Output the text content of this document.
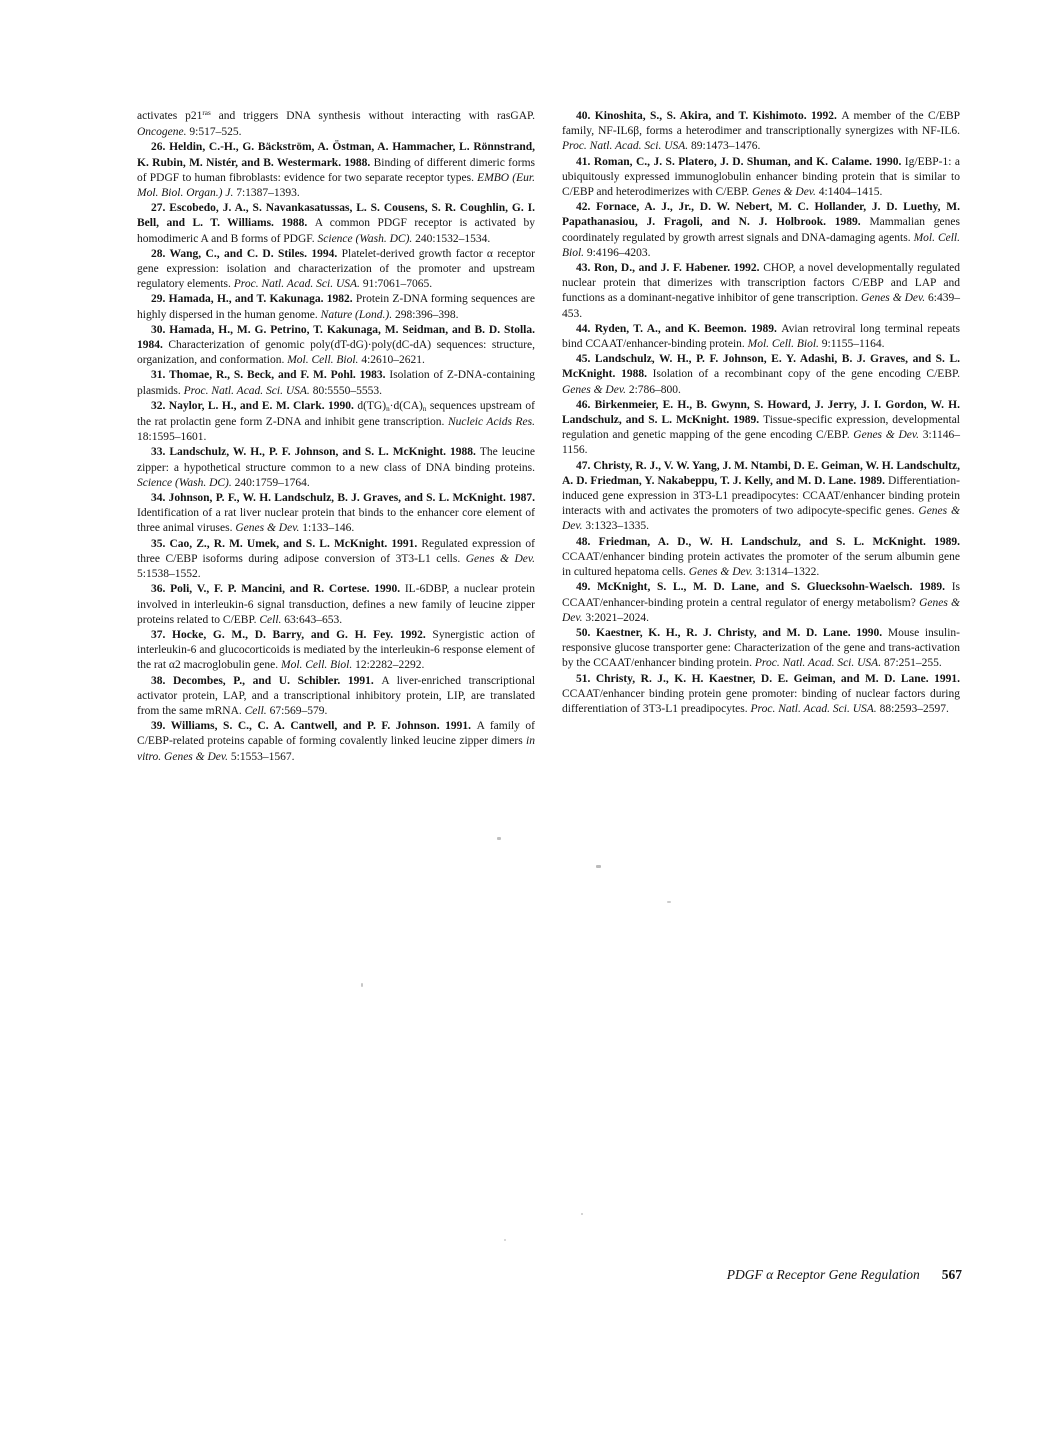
activates $p21^{ras}$ and triggers DNA synthesis without interacting with rasGAP. Oncogene. 9:517–525.

26. Heldin, C.-H., G. Bäckström, A. Östman, A. Hammacher, L. Rönnstrand, K. Rubin, M. Nistér, and B. Westermark. 1988. Binding of different dimeric forms of PDGF to human fibroblasts: evidence for two separate receptor types. EMBO (Eur. Mol. Biol. Organ.) J. 7:1387–1393.

27. Escobedo, J. A., S. Navankasatussas, L. S. Cousens, S. R. Coughlin, G. I. Bell, and L. T. Williams. 1988. A common PDGF receptor is activated by homodimeric A and B forms of PDGF. Science (Wash. DC). 240:1532–1534.

28. Wang, C., and C. D. Stiles. 1994. Platelet-derived growth factor α receptor gene expression: isolation and characterization of the promoter and upstream regulatory elements. Proc. Natl. Acad. Sci. USA. 91:7061–7065.

29. Hamada, H., and T. Kakunaga. 1982. Protein Z-DNA forming sequences are highly dispersed in the human genome. Nature (Lond.). 298:396–398.

30. Hamada, H., M. G. Petrino, T. Kakunaga, M. Seidman, and B. D. Stolla. 1984. Characterization of genomic poly(dT-dG)·poly(dC-dA) sequences: structure, organization, and conformation. Mol. Cell. Biol. 4:2610–2621.

31. Thomae, R., S. Beck, and F. M. Pohl. 1983. Isolation of Z-DNA-containing plasmids. Proc. Natl. Acad. Sci. USA. 80:5550–5553.

32. Naylor, L. H., and E. M. Clark. 1990. $d(TG)_n\cdot d(CA)_n$ sequences upstream of the rat prolactin gene form Z-DNA and inhibit gene transcription. Nucleic Acids Res. 18:1595–1601.

33. Landschulz, W. H., P. F. Johnson, and S. L. McKnight. 1988. The leucine zipper: a hypothetical structure common to a new class of DNA binding proteins. Science (Wash. DC). 240:1759–1764.

34. Johnson, P. F., W. H. Landschulz, B. J. Graves, and S. L. McKnight. 1987. Identification of a rat liver nuclear protein that binds to the enhancer core element of three animal viruses. Genes & Dev. 1:133–146.

35. Cao, Z., R. M. Umek, and S. L. McKnight. 1991. Regulated expression of three C/EBP isoforms during adipose conversion of 3T3-L1 cells. Genes & Dev. 5:1538–1552.

36. Poli, V., F. P. Mancini, and R. Cortese. 1990. IL-6DBP, a nuclear protein involved in interleukin-6 signal transduction, defines a new family of leucine zipper proteins related to C/EBP. Cell. 63:643–653.

37. Hocke, G. M., D. Barry, and G. H. Fey. 1992. Synergistic action of interleukin-6 and glucocorticoids is mediated by the interleukin-6 response element of the rat α2 macroglobulin gene. Mol. Cell. Biol. 12:2282–2292.

38. Decombes, P., and U. Schibler. 1991. A liver-enriched transcriptional activator protein, LAP, and a transcriptional inhibitory protein, LIP, are translated from the same mRNA. Cell. 67:569–579.

39. Williams, S. C., C. A. Cantwell, and P. F. Johnson. 1991. A family of C/EBP-related proteins capable of forming covalently linked leucine zipper dimers in vitro. Genes & Dev. 5:1553–1567.

40. Kinoshita, S., S. Akira, and T. Kishimoto. 1992. A member of the C/EBP family, NF-IL6β, forms a heterodimer and transcriptionally synergizes with NF-IL6. Proc. Natl. Acad. Sci. USA. 89:1473–1476.

41. Roman, C., J. S. Platero, J. D. Shuman, and K. Calame. 1990. Ig/EBP-1: a ubiquitously expressed immunoglobulin enhancer binding protein that is similar to C/EBP and heterodimerizes with C/EBP. Genes & Dev. 4:1404–1415.

42. Fornace, A. J., Jr., D. W. Nebert, M. C. Hollander, J. D. Luethy, M. Papathanasiou, J. Fragoli, and N. J. Holbrook. 1989. Mammalian genes coordinately regulated by growth arrest signals and DNA-damaging agents. Mol. Cell. Biol. 9:4196–4203.

43. Ron, D., and J. F. Habener. 1992. CHOP, a novel developmentally regulated nuclear protein that dimerizes with transcription factors C/EBP and LAP and functions as a dominant-negative inhibitor of gene transcription. Genes & Dev. 6:439–453.

44. Ryden, T. A., and K. Beemon. 1989. Avian retroviral long terminal repeats bind CCAAT/enhancer-binding protein. Mol. Cell. Biol. 9:1155–1164.

45. Landschulz, W. H., P. F. Johnson, E. Y. Adashi, B. J. Graves, and S. L. McKnight. 1988. Isolation of a recombinant copy of the gene encoding C/EBP. Genes & Dev. 2:786–800.

46. Birkenmeier, E. H., B. Gwynn, S. Howard, J. Jerry, J. I. Gordon, W. H. Landschulz, and S. L. McKnight. 1989. Tissue-specific expression, developmental regulation and genetic mapping of the gene encoding C/EBP. Genes & Dev. 3:1146–1156.

47. Christy, R. J., V. W. Yang, J. M. Ntambi, D. E. Geiman, W. H. Landschultz, A. D. Friedman, Y. Nakabeppu, T. J. Kelly, and M. D. Lane. 1989. Differentiation-induced gene expression in 3T3-L1 preadipocytes: CCAAT/enhancer binding protein interacts with and activates the promoters of two adipocyte-specific genes. Genes & Dev. 3:1323–1335.

48. Friedman, A. D., W. H. Landschulz, and S. L. McKnight. 1989. CCAAT/enhancer binding protein activates the promoter of the serum albumin gene in cultured hepatoma cells. Genes & Dev. 3:1314–1322.

49. McKnight, S. L., M. D. Lane, and S. Gluecksohn-Waelsch. 1989. Is CCAAT/enhancer-binding protein a central regulator of energy metabolism? Genes & Dev. 3:2021–2024.

50. Kaestner, K. H., R. J. Christy, and M. D. Lane. 1990. Mouse insulin-responsive glucose transporter gene: Characterization of the gene and trans-activation by the CCAAT/enhancer binding protein. Proc. Natl. Acad. Sci. USA. 87:251–255.

51. Christy, R. J., K. H. Kaestner, D. E. Geiman, and M. D. Lane. 1991. CCAAT/enhancer binding protein gene promoter: binding of nuclear factors during differentiation of 3T3-L1 preadipocytes. Proc. Natl. Acad. Sci. USA. 88:2593–2597.

PDGF α Receptor Gene Regulation 567
